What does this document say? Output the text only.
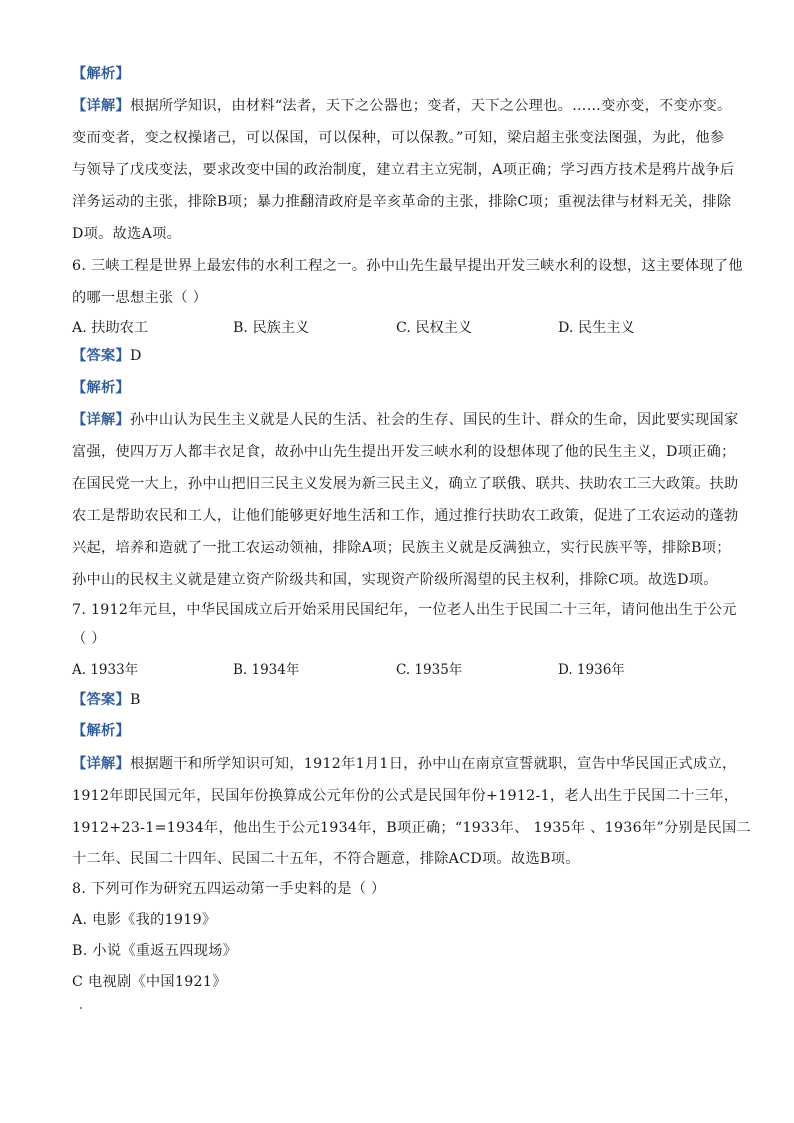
【解析】
【详解】根据所学知识，由材料“法者，天下之公器也；变者，天下之公理也。……变亦变，不变亦变。
变而变者，变之权操诸己，可以保国，可以保种，可以保教。”可知，梁启超主张变法图强，为此，他参
与领导了戊戌变法，要求改变中国的政治制度，建立君主立宪制，A项正确；学习西方技术是鸦片战争后
洋务运动的主张，排除B项；暴力推翻清政府是辛亥革命的主张，排除C项；重视法律与材料无关，排除
D项。故选A项。
6. 三峡工程是世界上最宏伟的水利工程之一。孙中山先生最早提出开发三峡水利的设想，这主要体现了他
的哪一思想主张（ ）
A. 扶助农工	B. 民族主义	C. 民权主义	D. 民生主义
【答案】D
【解析】
【详解】孙中山认为民生主义就是人民的生活、社会的生存、国民的生计、群众的生命，因此要实现国家
富强，使四万万人都丰衣足食，故孙中山先生提出开发三峡水利的设想体现了他的民生主义，D项正确；
在国民党一大上，孙中山把旧三民主义发展为新三民主义，确立了联俄、联共、扶助农工三大政策。扶助
农工是帮助农民和工人，让他们能够更好地生活和工作，通过推行扶助农工政策，促进了工农运动的蓬勃
兴起，培养和造就了一批工农运动领袖，排除A项；民族主义就是反满独立，实行民族平等，排除B项；
孙中山的民权主义就是建立资产阶级共和国，实现资产阶级所渴望的民主权利，排除C项。故选D项。
7. 1912年元旦，中华民国成立后开始采用民国纪年，一位老人出生于民国二十三年，请问他出生于公元
（ ）
A. 1933年	B. 1934年	C. 1935年	D. 1936年
【答案】B
【解析】
【详解】根据题干和所学知识可知，1912年1月1日，孙中山在南京宣誓就职，宣告中华民国正式成立，
1912年即民国元年，民国年份换算成公元年份的公式是民国年份+1912-1，老人出生于民国二十三年，
1912+23-1=1934年，他出生于公元1934年，B项正确；“1933年、 1935年 、1936年”分别是民国二
十二年、民国二十四年、民国二十五年，不符合题意，排除ACD项。故选B项。
8. 下列可作为研究五四运动第一手史料的是（ ）
A. 电影《我的1919》
B. 小说《重返五四现场》
C 电视剧《中国1921》
